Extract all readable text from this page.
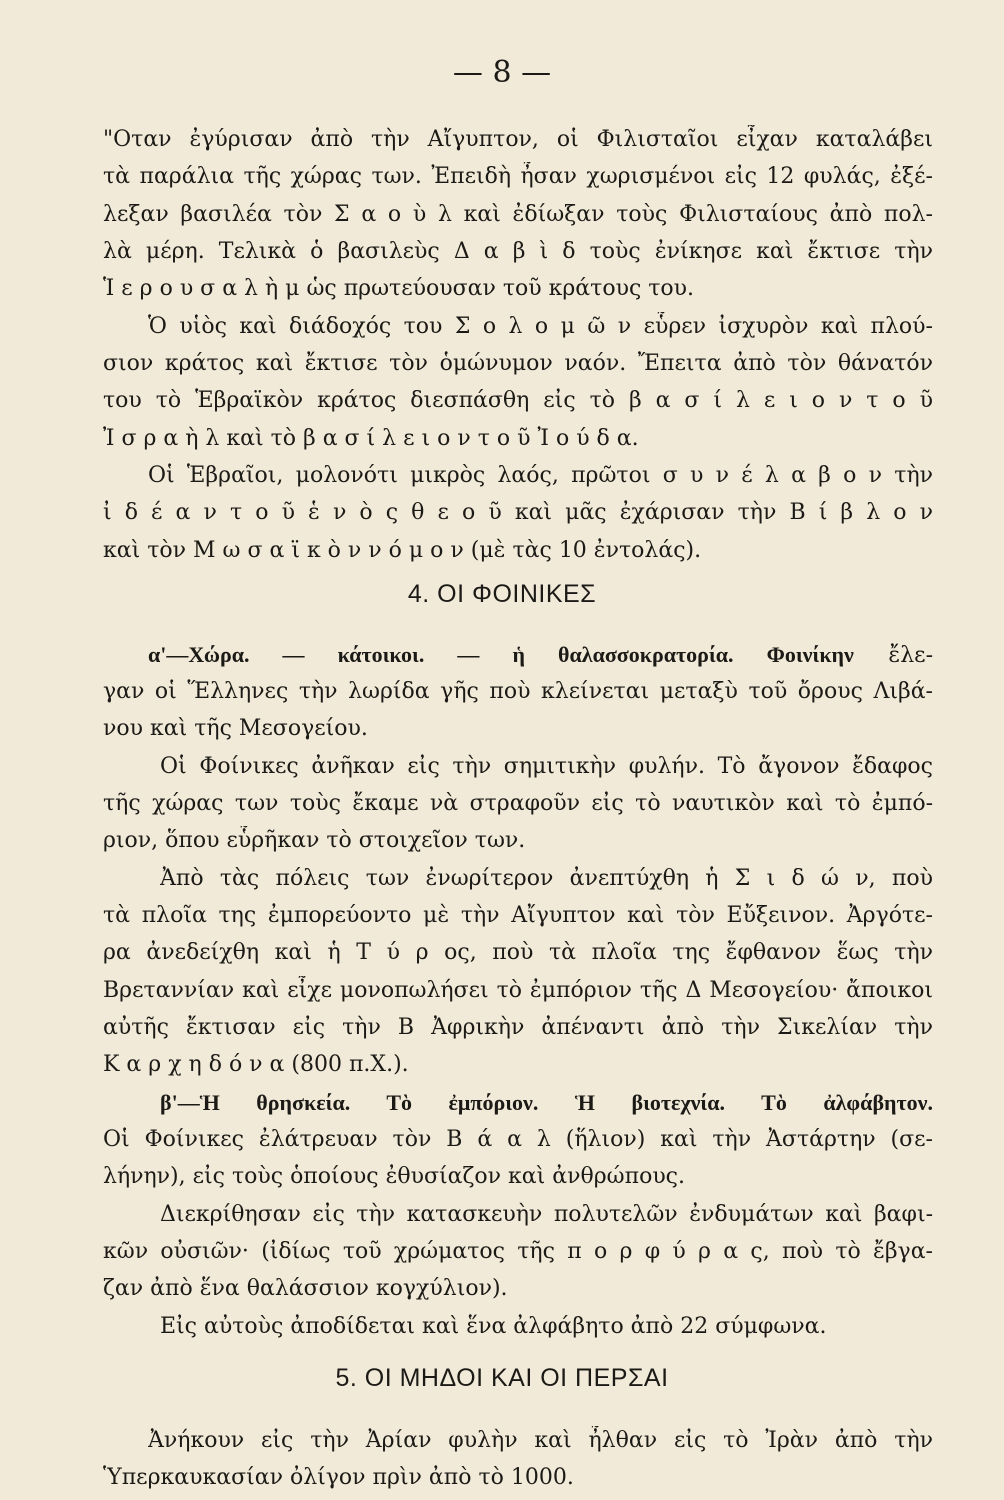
— 8 —
"Οταν ἐγύρισαν ἀπὸ τὴν Αἴγυπτον, οἱ Φιλισταῖοι εἶχαν καταλάβει
τὰ παράλια τῆς χώρας των. Ἐπειδὴ ἦσαν χωρισμένοι εἰς 12 φυλάς, ἐξέ-
λεξαν βασιλέα τὸν Σ α ο ὺ λ καὶ ἐδίωξαν τοὺς Φιλισταίους ἀπὸ πολ-
λὰ μέρη. Τελικὰ ὁ βασιλεὺς Δ α β ὶ δ τοὺς ἐνίκησε καὶ ἔκτισε τὴν
Ἱ ε ρ ο υ σ α λ ὴ μ ὡς πρωτεύουσαν τοῦ κράτους του.
Ὁ υἱὸς καὶ διάδοχός του Σ ο λ ο μ ῶ ν εὗρεν ἰσχυρὸν καὶ πλού-
σιον κράτος καὶ ἔκτισε τὸν ὁμώνυμον ναόν. Ἔπειτα ἀπὸ τὸν θάνατόν
του τὸ Ἑβραϊκὸν κράτος διεσπάσθη εἰς τὸ β α σ ί λ ε ι ο ν τ ο ῦ
Ἰ σ ρ α ὴ λ καὶ τὸ β α σ ί λ ε ι ο ν τ ο ῦ Ἰ ο ύ δ α.
Οἱ Ἑβραῖοι, μολονότι μικρὸς λαός, πρῶτοι σ υ ν έ λ α β ο ν τὴν
ἰ δ έ α ν τ ο ῦ ἑ ν ὸ ς θ ε ο ῦ καὶ μᾶς ἐχάρισαν τὴν Β ί β λ ο ν
καὶ τὸν Μ ω σ α ϊ κ ὸ ν ν ό μ ο ν (μὲ τὰς 10 ἐντολάς).
4. ΟΙ ΦΟΙΝΙΚΕΣ
α'—Χώρα. — κάτοικοι. — ἡ θαλασσοκρατορία. Φοινίκην ἔλε-
γαν οἱ Ἕλληνες τὴν λωρίδα γῆς ποὺ κλείνεται μεταξὺ τοῦ ὄρους Λιβά-
νου καὶ τῆς Μεσογείου.
Οἱ Φοίνικες ἀνῆκαν εἰς τὴν σημιτικὴν φυλήν. Τὸ ἄγονον ἔδαφος
τῆς χώρας των τοὺς ἔκαμε νὰ στραφοῦν εἰς τὸ ναυτικὸν καὶ τὸ ἐμπό-
ριον, ὅπου εὗρῆκαν τὸ στοιχεῖον των.
Ἀπὸ τὰς πόλεις των ἐνωρίτερον ἀνεπτύχθη ἡ Σ ι δ ώ ν, ποὺ
τὰ πλοῖα της ἐμπορεύοντο μὲ τὴν Αἴγυπτον καὶ τὸν Εὔξεινον. Ἀργότε-
ρα ἀνεδείχθη καὶ ἡ Τ ύ ρ ος, ποὺ τὰ πλοῖα της ἔφθανον ἕως τὴν
Βρεταννίαν καὶ εἶχε μονοπωλήσει τὸ ἐμπόριον τῆς Δ Μεσογείου· ἄποικοι
αὐτῆς ἔκτισαν εἰς τὴν Β Ἀφρικὴν ἀπέναντι ἀπὸ τὴν Σικελίαν τὴν
Κ α ρ χ η δ ό ν α (800 π.Χ.).
β'—Ἡ θρησκεία. Τὸ ἐμπόριον. Ἡ βιοτεχνία. Τὸ ἀλφάβητον.
Οἱ Φοίνικες ἐλάτρευαν τὸν Β ά α λ (ἥλιον) καὶ τὴν Ἀστάρτην (σε-
λήνην), εἰς τοὺς ὁποίους ἐθυσίαζον καὶ ἀνθρώπους.
Διεκρίθησαν εἰς τὴν κατασκευὴν πολυτελῶν ἐνδυμάτων καὶ βαφι-
κῶν οὐσιῶν· (ἰδίως τοῦ χρώματος τῆς π ο ρ φ ύ ρ α ς, ποὺ τὸ ἔβγα-
ζαν ἀπὸ ἕνα θαλάσσιον κογχύλιον).
Εἰς αὐτοὺς ἀποδίδεται καὶ ἕνα ἀλφάβητο ἀπὸ 22 σύμφωνα.
5. ΟΙ ΜΗΔΟΙ ΚΑΙ ΟΙ ΠΕΡΣΑΙ
Ἀνήκουν εἰς τὴν Ἀρίαν φυλὴν καὶ ἦλθαν εἰς τὸ Ἰρὰν ἀπὸ τὴν
Ὑπερκαυκασίαν ὀλίγον πρὶν ἀπὸ τὸ 1000.
